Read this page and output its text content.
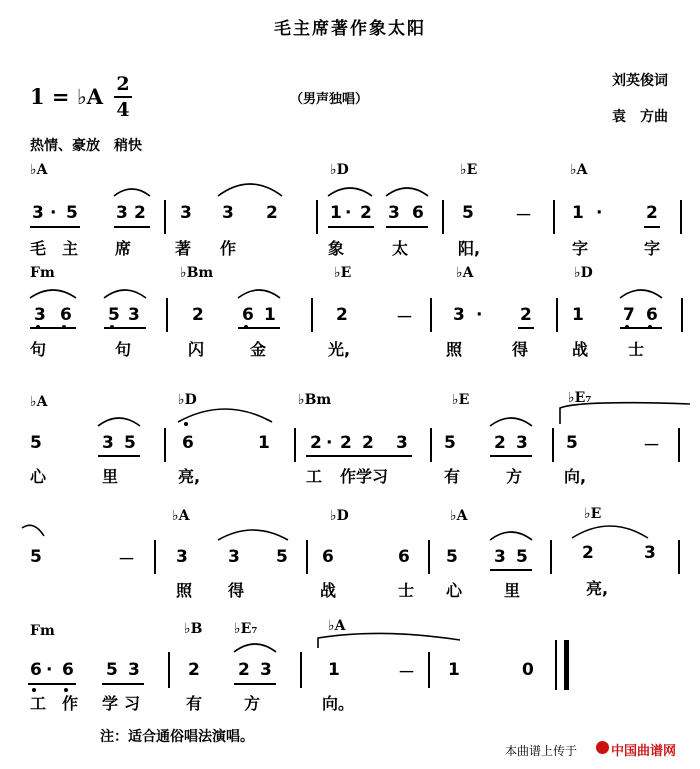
毛主席著作象太阳
1 = ♭A 2
4	（男声独唱）
刘英俊词
袁　方曲
热情、豪放　稍快
♭A	♭D	♭E	♭A
3 · 5 3 2 3 3 2	1 · 2 3 6 5 － 1 ·	2
毛 主 席	著 作	象	太	阳,	字	字
Fm	♭Bm	♭E	♭A	♭D
3 6 5 3	2 6 1	2	－ 3 · 2 1 7 6
句	句	闪	金	光,	照	得	战 士
♭A	♭D	♭Bm	♭E	♭E₇
5	3 5	6	1 2 · 2 2 3 5 2 3 5	－
心	里	亮,	工 作学习	有	方	向,
♭A	♭D	♭A	♭E
5	－ 3 3 5 6	6 5 3 5	2	3
照 得	战	士 心	里	亮,
Fm	♭B ♭E₇	♭A
6 · 6 5 3	2 2 3	1	－ 1	0
工 作 学 习	有	方	向。
注：适合通俗唱法演唱。
本曲谱上传于	中国曲谱网
